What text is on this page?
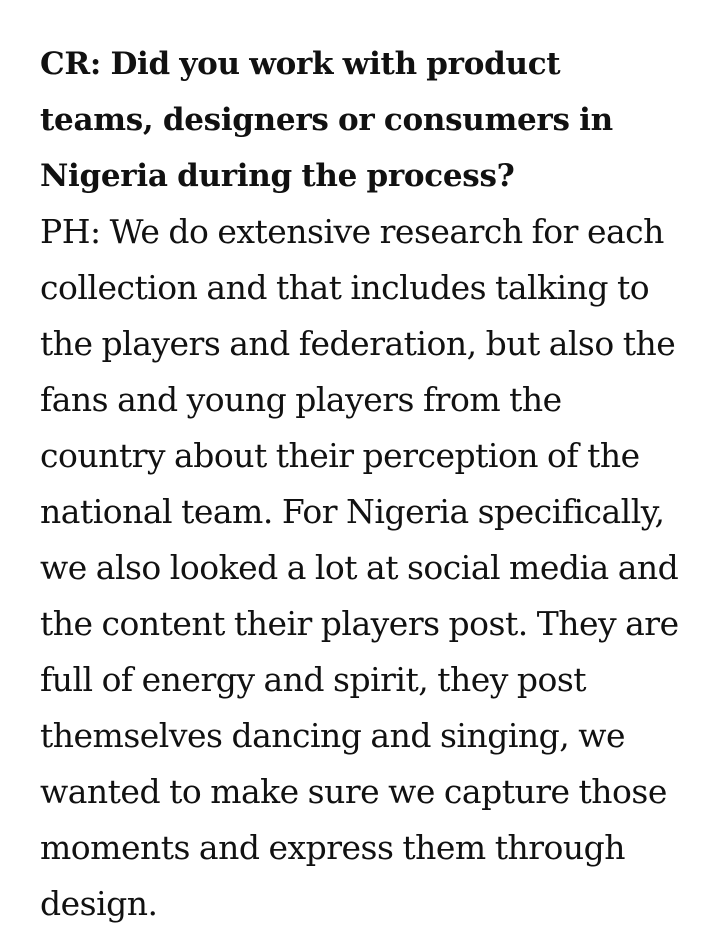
CR: Did you work with product teams, designers or consumers in Nigeria during the process?

PH: We do extensive research for each collection and that includes talking to the players and federation, but also the fans and young players from the country about their perception of the national team. For Nigeria specifically, we also looked a lot at social media and the content their players post. They are full of energy and spirit, they post themselves dancing and singing, we wanted to make sure we capture those moments and express them through design.
